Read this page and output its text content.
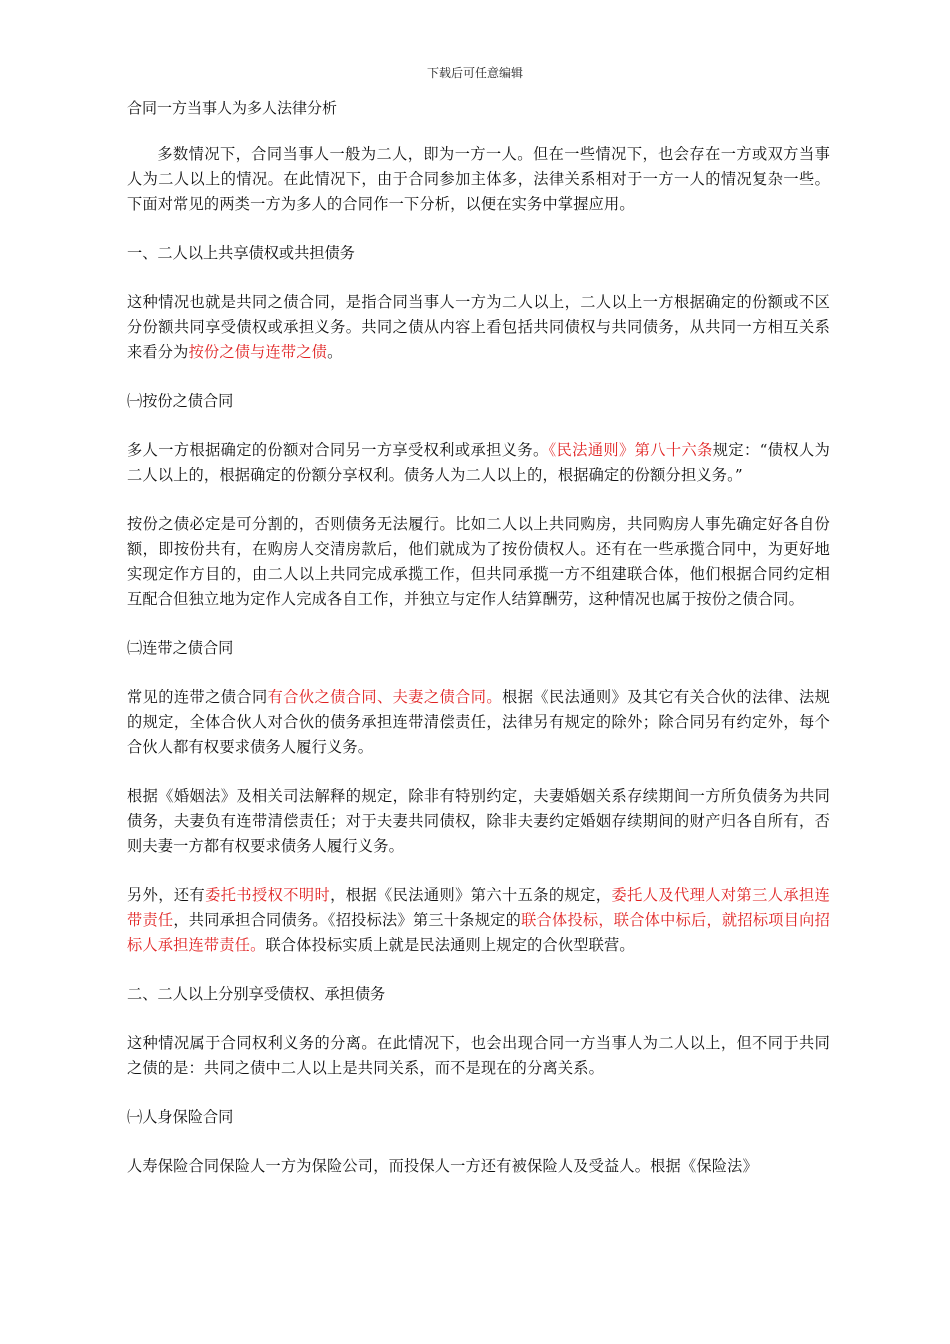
下载后可任意编辑
合同一方当事人为多人法律分析

多数情况下，合同当事人一般为二人，即为一方一人。但在一些情况下，也会存在一方或双方当事人为二人以上的情况。在此情况下，由于合同参加主体多，法律关系相对于一方一人的情况复杂一些。下面对常见的两类一方为多人的合同作一下分析，以便在实务中掌握应用。

一、二人以上共享债权或共担债务

这种情况也就是共同之债合同，是指合同当事人一方为二人以上，二人以上一方根据确定的份额或不区分份额共同享受债权或承担义务。共同之债从内容上看包括共同债权与共同债务，从共同一方相互关系来看分为按份之债与连带之债。

㈠按份之债合同

多人一方根据确定的份额对合同另一方享受权利或承担义务。《民法通则》第八十六条规定：“债权人为二人以上的，根据确定的份额分享权利。债务人为二人以上的，根据确定的份额分担义务。”

按份之债必定是可分割的，否则债务无法履行。比如二人以上共同购房，共同购房人事先确定好各自份额，即按份共有，在购房人交清房款后，他们就成为了按份债权人。还有在一些承揽合同中，为更好地实现定作方目的，由二人以上共同完成承揽工作，但共同承揽一方不组建联合体，他们根据合同约定相互配合但独立地为定作人完成各自工作，并独立与定作人结算酬劳，这种情况也属于按份之债合同。

㈡连带之债合同

常见的连带之债合同有合伙之债合同、夫妻之债合同。根据《民法通则》及其它有关合伙的法律、法规的规定，全体合伙人对合伙的债务承担连带清偿责任，法律另有规定的除外；除合同另有约定外，每个合伙人都有权要求债务人履行义务。

根据《婚姻法》及相关司法解释的规定，除非有特别约定，夫妻婚姻关系存续期间一方所负债务为共同债务，夫妻负有连带清偿责任；对于夫妻共同债权，除非夫妻约定婚姻存续期间的财产归各自所有，否则夫妻一方都有权要求债务人履行义务。

另外，还有委托书授权不明时，根据《民法通则》第六十五条的规定，委托人及代理人对第三人承担连带责任，共同承担合同债务。《招投标法》第三十条规定的联合体投标，联合体中标后，就招标项目向招标人承担连带责任。联合体投标实质上就是民法通则上规定的合伙型联营。

二、二人以上分别享受债权、承担债务

这种情况属于合同权利义务的分离。在此情况下，也会出现合同一方当事人为二人以上，但不同于共同之债的是：共同之债中二人以上是共同关系，而不是现在的分离关系。

㈠人身保险合同

人寿保险合同保险人一方为保险公司，而投保人一方还有被保险人及受益人。根据《保险法》
